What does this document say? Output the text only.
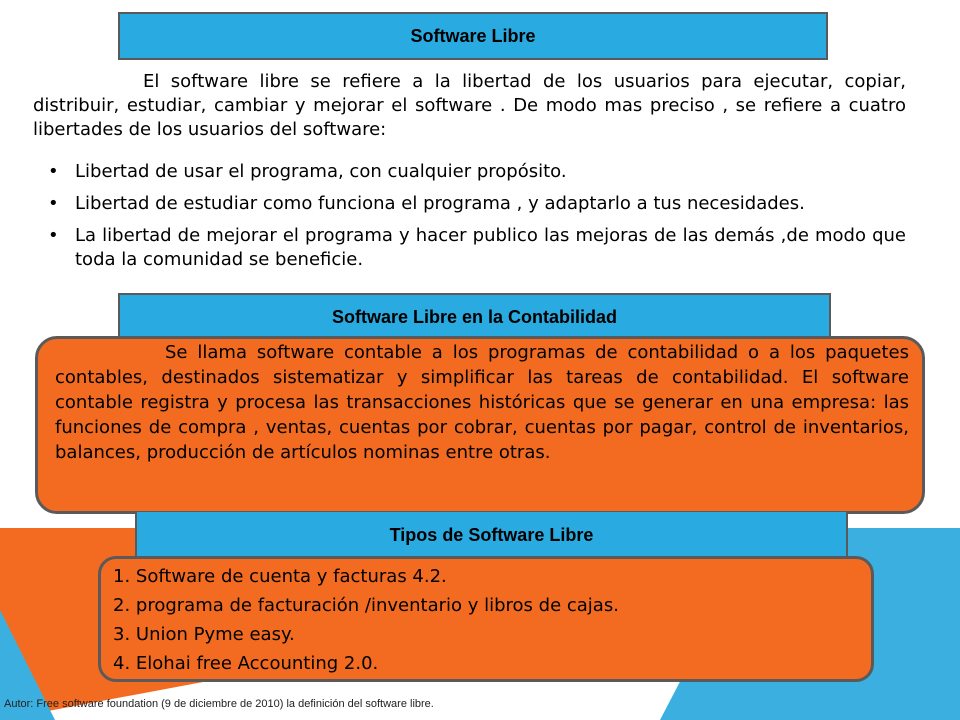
Software Libre

El software libre se refiere a la libertad de los usuarios para ejecutar, copiar, distribuir, estudiar, cambiar y mejorar el software . De modo mas preciso , se refiere a cuatro libertades de los usuarios del software:

• Libertad de usar el programa, con cualquier propósito.
• Libertad de estudiar como funciona el programa , y adaptarlo a tus necesidades.
• La libertad de mejorar el programa y hacer publico las mejoras de las demás ,de modo que toda la comunidad se beneficie.
Software Libre en la Contabilidad

Se llama software contable a los programas de contabilidad o a los paquetes contables, destinados sistematizar y simplificar las tareas de contabilidad. El software contable registra y procesa las transacciones históricas que se generar en una empresa: las funciones de compra , ventas, cuentas por cobrar, cuentas por pagar, control de inventarios, balances, producción de artículos nominas entre otras.

Tipos de Software Libre
1. Software de cuenta y facturas 4.2.
2. programa de facturación /inventario y libros de cajas.
3. Union Pyme easy.
4. Elohai free Accounting 2.0.
Autor: Free software foundation (9 de diciembre de 2010) la definición del software libre.
